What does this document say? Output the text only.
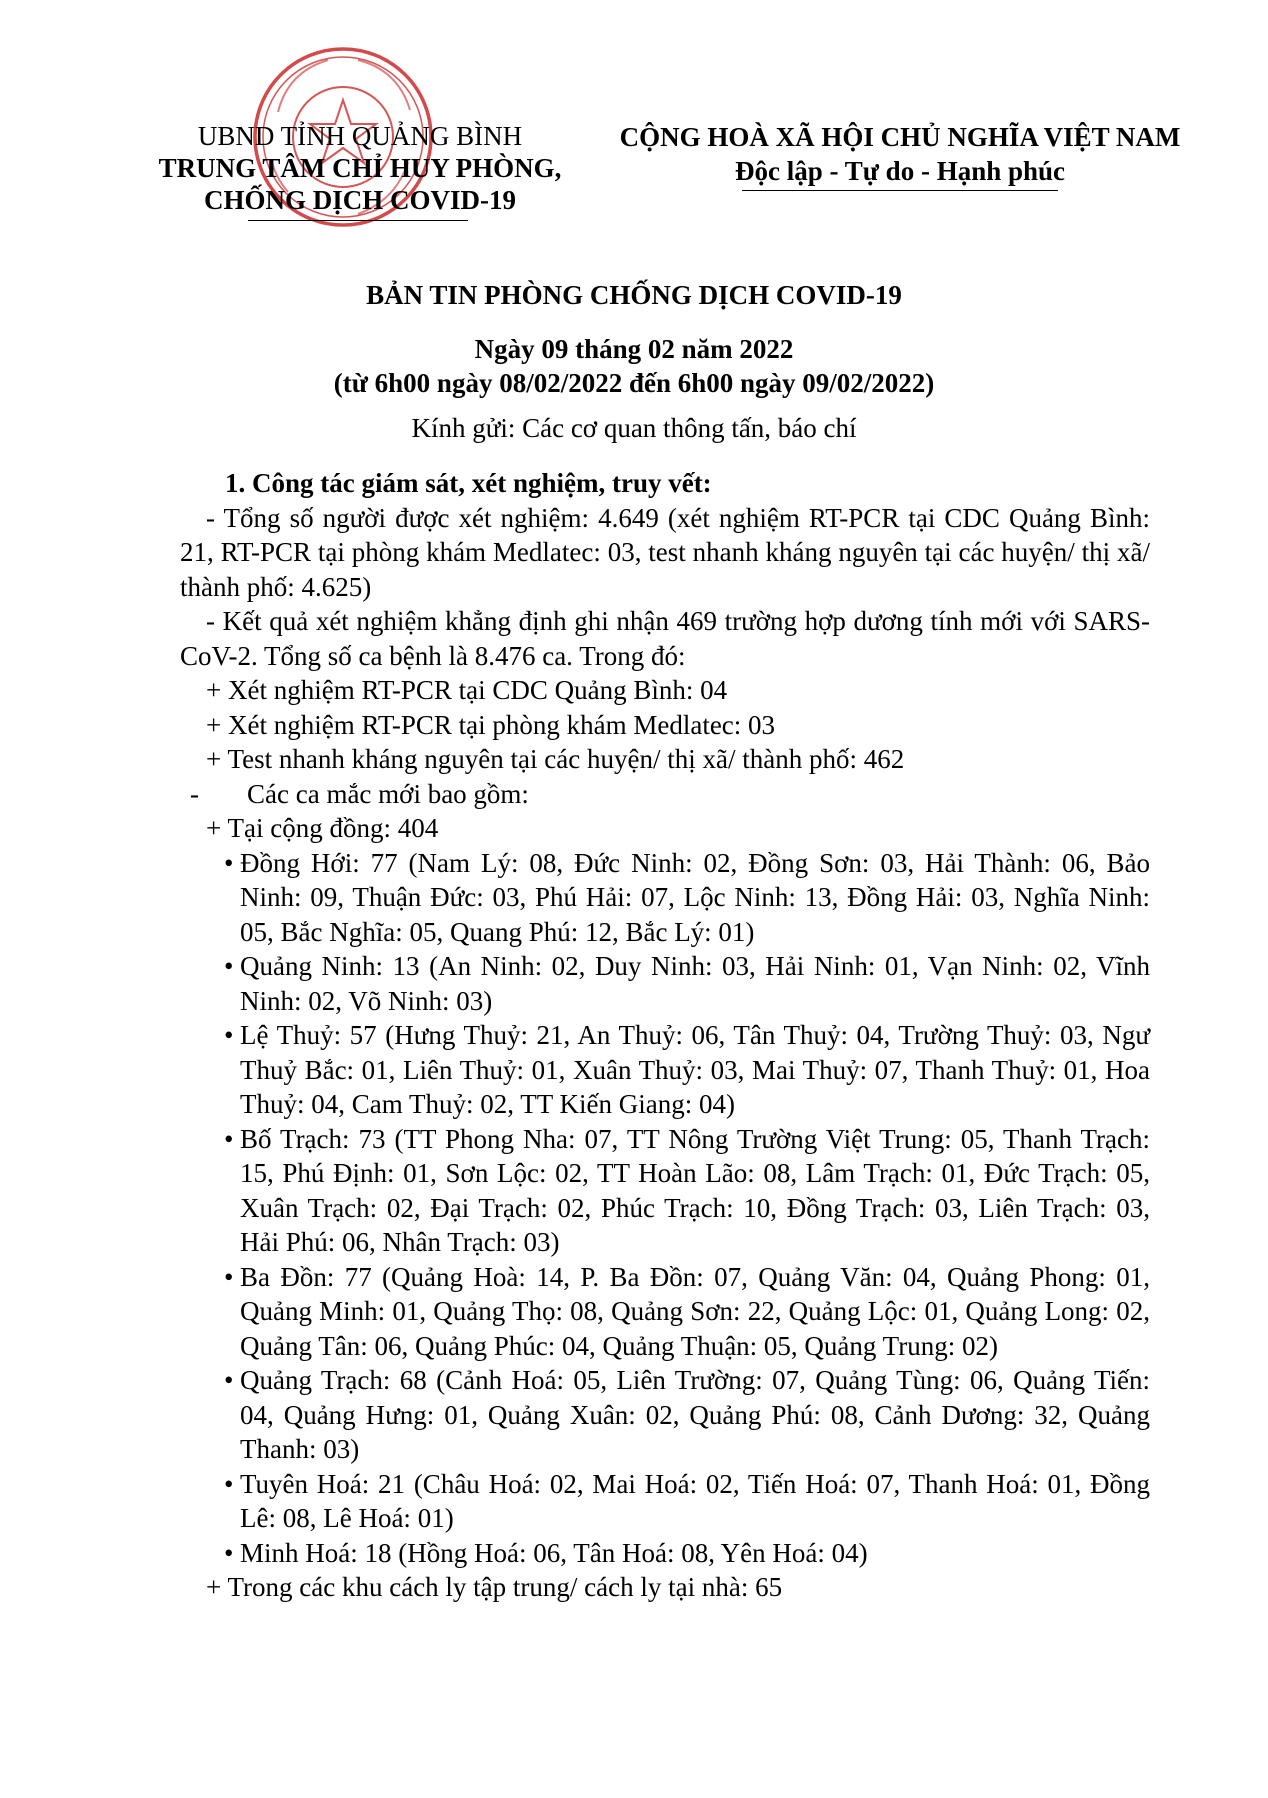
UBND TỈNH QUẢNG BÌNH
TRUNG TÂM CHỈ HUY PHÒNG,
CHỐNG DỊCH COVID-19
CỘNG HOÀ XÃ HỘI CHỦ NGHĨA VIỆT NAM
Độc lập - Tự do - Hạnh phúc
BẢN TIN PHÒNG CHỐNG DỊCH COVID-19
Ngày 09 tháng 02 năm 2022
(từ 6h00 ngày 08/02/2022 đến 6h00 ngày 09/02/2022)
Kính gửi: Các cơ quan thông tấn, báo chí
1. Công tác giám sát, xét nghiệm, truy vết:
- Tổng số người được xét nghiệm: 4.649 (xét nghiệm RT-PCR tại CDC Quảng Bình: 21, RT-PCR tại phòng khám Medlatec: 03, test nhanh kháng nguyên tại các huyện/ thị xã/ thành phố: 4.625)
- Kết quả xét nghiệm khẳng định ghi nhận 469 trường hợp dương tính mới với SARS-CoV-2. Tổng số ca bệnh là 8.476 ca. Trong đó:
+ Xét nghiệm RT-PCR tại CDC Quảng Bình: 04
+ Xét nghiệm RT-PCR tại phòng khám Medlatec: 03
+ Test nhanh kháng nguyên tại các huyện/ thị xã/ thành phố: 462
- Các ca mắc mới bao gồm:
+ Tại cộng đồng: 404
• Đồng Hới: 77 (Nam Lý: 08, Đức Ninh: 02, Đồng Sơn: 03, Hải Thành: 06, Bảo Ninh: 09, Thuận Đức: 03, Phú Hải: 07, Lộc Ninh: 13, Đồng Hải: 03, Nghĩa Ninh: 05, Bắc Nghĩa: 05, Quang Phú: 12, Bắc Lý: 01)
• Quảng Ninh: 13 (An Ninh: 02, Duy Ninh: 03, Hải Ninh: 01, Vạn Ninh: 02, Vĩnh Ninh: 02, Võ Ninh: 03)
• Lệ Thuỷ: 57 (Hưng Thuỷ: 21, An Thuỷ: 06, Tân Thuỷ: 04, Trường Thuỷ: 03, Ngư Thuỷ Bắc: 01, Liên Thuỷ: 01, Xuân Thuỷ: 03, Mai Thuỷ: 07, Thanh Thuỷ: 01, Hoa Thuỷ: 04, Cam Thuỷ: 02, TT Kiến Giang: 04)
• Bố Trạch: 73 (TT Phong Nha: 07, TT Nông Trường Việt Trung: 05, Thanh Trạch: 15, Phú Định: 01, Sơn Lộc: 02, TT Hoàn Lão: 08, Lâm Trạch: 01, Đức Trạch: 05, Xuân Trạch: 02, Đại Trạch: 02, Phúc Trạch: 10, Đồng Trạch: 03, Liên Trạch: 03, Hải Phú: 06, Nhân Trạch: 03)
• Ba Đồn: 77 (Quảng Hoà: 14, P. Ba Đồn: 07, Quảng Văn: 04, Quảng Phong: 01, Quảng Minh: 01, Quảng Thọ: 08, Quảng Sơn: 22, Quảng Lộc: 01, Quảng Long: 02, Quảng Tân: 06, Quảng Phúc: 04, Quảng Thuận: 05, Quảng Trung: 02)
• Quảng Trạch: 68 (Cảnh Hoá: 05, Liên Trường: 07, Quảng Tùng: 06, Quảng Tiến: 04, Quảng Hưng: 01, Quảng Xuân: 02, Quảng Phú: 08, Cảnh Dương: 32, Quảng Thanh: 03)
• Tuyên Hoá: 21 (Châu Hoá: 02, Mai Hoá: 02, Tiến Hoá: 07, Thanh Hoá: 01, Đồng Lê: 08, Lê Hoá: 01)
• Minh Hoá: 18 (Hồng Hoá: 06, Tân Hoá: 08, Yên Hoá: 04)
+ Trong các khu cách ly tập trung/ cách ly tại nhà: 65
